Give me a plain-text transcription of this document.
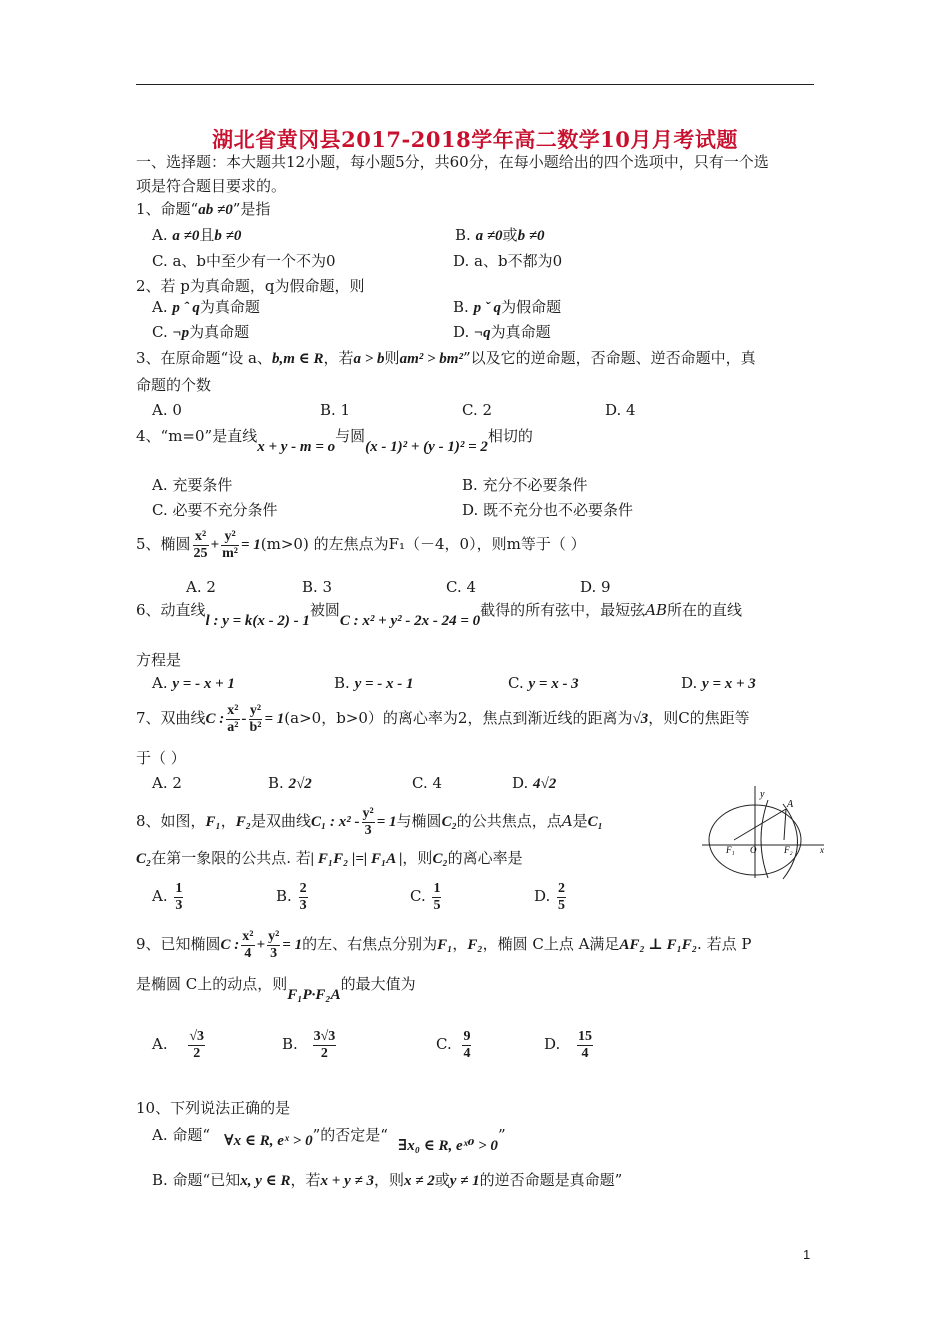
湖北省黄冈县2017-2018学年高二数学10月月考试题
一、选择题：本大题共12小题，每小题5分，共60分，在每小题给出的四个选项中，只有一个选
项是符合题目要求的。
1、命题“ab ≠0”是指
A. a ≠0且b ≠0	B. a ≠0或b ≠0
C. a、b中至少有一个不为0	D. a、b不都为0
2、若 p为真命题，q为假命题，则
A. p ˆ q为真命题	B. p ˇ q为假命题
C. ¬p为真命题	D. ¬q为真命题
3、在原命题“设 a、b,m ∈ R，若a > b则am² > bm²”以及它的逆命题，否命题、逆否命题中，真
命题的个数
A. 0	B. 1	C. 2	D. 4
4、“m=0”是直线x + y - m = o与圆(x - 1)² + (y - 1)² = 2相切的
A. 充要条件	B. 充分不必要条件
C. 必要不充分条件	D. 既不充分也不必要条件
5、椭圆 $\frac{\text{x²}}{25} + \frac{\text{y²}}{\text{m²}} = 1(m>0)$ 的左焦点为F₁（－4，0），则m等于（ ）
A. 2	B. 3	C. 4	D. 9
6、动直线l : y = k(x - 2) - 1被圆C : x² + y² - 2x - 24 = 0截得的所有弦中，最短弦AB所在的直线
方程是
A. y = - x + 1	B. y = - x - 1	C. y = x - 3	D. y = x + 3
7、双曲线C : $\frac{\text{x²}}{\text{a²}} - \frac{\text{y²}}{\text{b²}} = 1(a>0$，b>0）的离心率为2，焦点到渐近线的距离为√3，则C的焦距等
于（ ）
A. 2	B. 2√2	C. 4	D. 4√2
8、如图，F₁，F₂是双曲线C₁ : $x^2 - \frac{\text{y²}}{3} = 1$与椭圆C₂的公共焦点，点A是C₁
C₂在第一象限的公共点. 若| F₁F₂ |=| F₁A |，则C₂的离心率是
A. $\frac{1}{3}$	B. $\frac{2}{3}$	C. $\frac{1}{5}$	D. $\frac{2}{5}$
y
A
F₁ O	F₂	x
9、已知椭圆C : $\frac{\text{x²}}{4} + \frac{\text{y²}}{3} = 1$的左、右焦点分别为F₁，F₂，椭圆 C上点 A满足AF₂ ⊥ F₁F₂. 若点 P
是椭圆 C上的动点，则F₁P·F₂A的最大值为
A. $\frac{√3}{2}$	B. $\frac{3√3}{2}$	C. $\frac{9}{4}$	D. $\frac{15}{4}$
10、下列说法正确的是
A. 命题“ ∀x ∈ R, eˣ > 0”的否定是“∃x₀ ∈ R, eˣ⁰ > 0”
B. 命题“已知x, y ∈ R，若x + y ≠ 3，则x ≠ 2或y ≠ 1的逆否命题是真命题”
1
